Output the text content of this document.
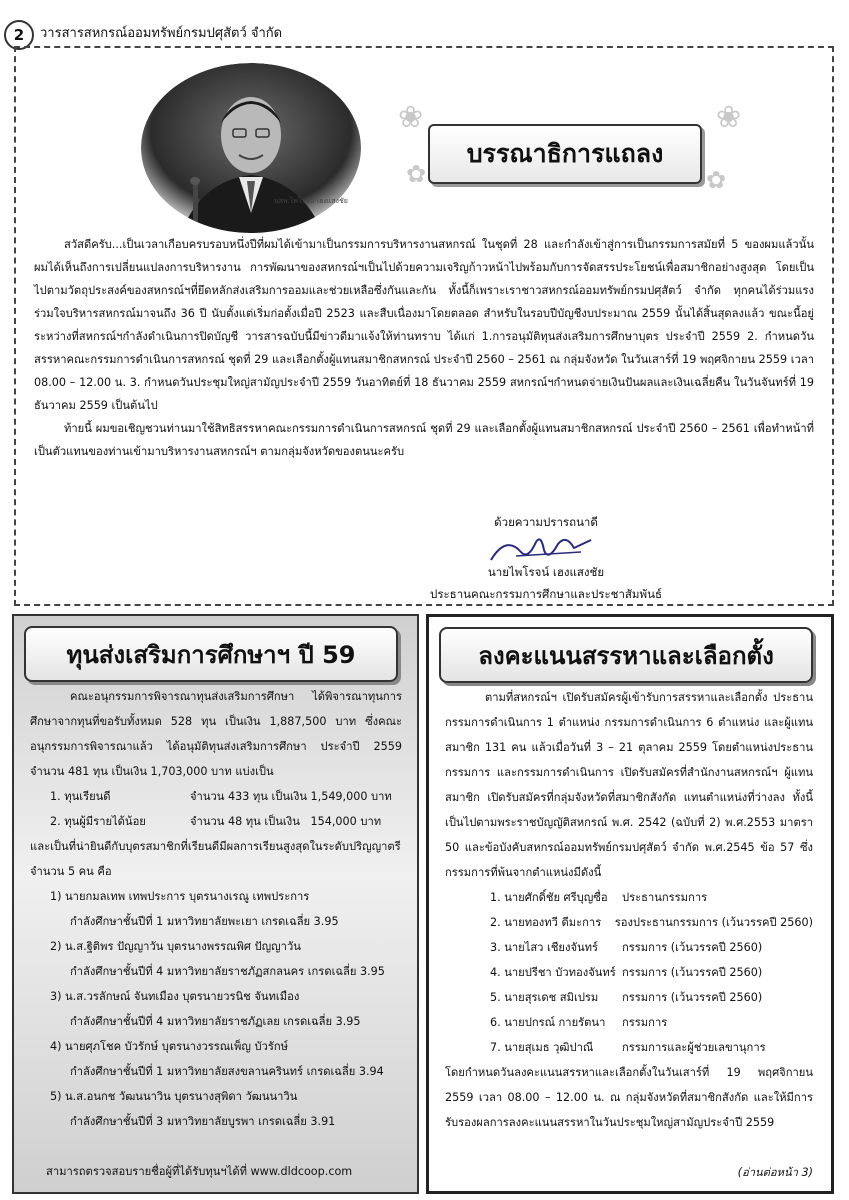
2	วารสารสหกรณ์ออมทรัพย์กรมปศุสัตว์ จำกัด
นสพ.ไพโรจน์ เฮงแสงชัย
❀	❀
✿	✿
บรรณาธิการแถลง

สวัสดีครับ...เป็นเวลาเกือบครบรอบหนึ่งปีที่ผมได้เข้ามาเป็นกรรมการบริหารงานสหกรณ์ ในชุดที่ 28 และกำลังเข้าสู่การเป็นกรรมการสมัยที่ 5 ของผมแล้วนั้น ผมได้เห็นถึงการเปลี่ยนแปลงการบริหารงาน การพัฒนาของสหกรณ์ฯเป็นไปด้วยความเจริญก้าวหน้าไปพร้อมกับการจัดสรรประโยชน์เพื่อสมาชิกอย่างสูงสุด โดยเป็นไปตามวัตถุประสงค์ของสหกรณ์ฯที่ยึดหลักส่งเสริมการออมและช่วยเหลือซึ่งกันและกัน ทั้งนี้ก็เพราะเราชาวสหกรณ์ออมทรัพย์กรมปศุสัตว์ จำกัด ทุกคนได้ร่วมแรงร่วมใจบริหารสหกรณ์มาจนถึง 36 ปี นับตั้งแต่เริ่มก่อตั้งเมื่อปี 2523 และสืบเนื่องมาโดยตลอด สำหรับในรอบปีบัญชีงบประมาณ 2559 นั้นได้สิ้นสุดลงแล้ว ขณะนี้อยู่ระหว่างที่สหกรณ์ฯกำลังดำเนินการปิดบัญชี วารสารฉบับนี้มีข่าวดีมาแจ้งให้ท่านทราบ ได้แก่ 1.การอนุมัติทุนส่งเสริมการศึกษาบุตร ประจำปี 2559 2. กำหนดวันสรรหาคณะกรรมการดำเนินการสหกรณ์ ชุดที่ 29 และเลือกตั้งผู้แทนสมาชิกสหกรณ์ ประจำปี 2560 – 2561 ณ กลุ่มจังหวัด ในวันเสาร์ที่ 19 พฤศจิกายน 2559 เวลา 08.00 – 12.00 น. 3. กำหนดวันประชุมใหญ่สามัญประจำปี 2559 วันอาทิตย์ที่ 18 ธันวาคม 2559 สหกรณ์ฯกำหนดจ่ายเงินปันผลและเงินเฉลี่ยคืน ในวันจันทร์ที่ 19 ธันวาคม 2559 เป็นต้นไป

ท้ายนี้ ผมขอเชิญชวนท่านมาใช้สิทธิสรรหาคณะกรรมการดำเนินการสหกรณ์ ชุดที่ 29 และเลือกตั้งผู้แทนสมาชิกสหกรณ์ ประจำปี 2560 – 2561 เพื่อทำหน้าที่เป็นตัวแทนของท่านเข้ามาบริหารงานสหกรณ์ฯ ตามกลุ่มจังหวัดของตนนะครับ

ด้วยความปรารถนาดี
นายไพโรจน์ เฮงแสงชัย
ประธานคณะกรรมการศึกษาและประชาสัมพันธ์
ทุนส่งเสริมการศึกษาฯ ปี 59

คณะอนุกรรมการพิจารณาทุนส่งเสริมการศึกษา ได้พิจารณาทุนการศึกษาจากทุนที่ขอรับทั้งหมด 528 ทุน เป็นเงิน 1,887,500 บาท ซึ่งคณะอนุกรรมการพิจารณาแล้ว ได้อนุมัติทุนส่งเสริมการศึกษา ประจำปี 2559 จำนวน 481 ทุน เป็นเงิน 1,703,000 บาท แบ่งเป็น

1. ทุนเรียนดี	จำนวน 433 ทุน เป็นเงิน 1,549,000 บาท
2. ทุนผู้มีรายได้น้อย	จำนวน 48 ทุน เป็นเงิน   154,000 บาท

และเป็นที่น่ายินดีกับบุตรสมาชิกที่เรียนดีมีผลการเรียนสูงสุดในระดับปริญญาตรี จำนวน 5 คน คือ

1) นายกมลเทพ เทพประการ บุตรนางเรณู เทพประการ
กำลังศึกษาชั้นปีที่ 1 มหาวิทยาลัยพะเยา เกรดเฉลี่ย 3.95
2) น.ส.ฐิติพร ปัญญาวัน บุตรนางพรรณพิศ ปัญญาวัน
กำลังศึกษาชั้นปีที่ 4 มหาวิทยาลัยราชภัฏสกลนคร เกรดเฉลี่ย 3.95
3) น.ส.วรลักษณ์ จันทเมือง บุตรนายวรนิช จันทเมือง
กำลังศึกษาชั้นปีที่ 4 มหาวิทยาลัยราชภัฏเลย เกรดเฉลี่ย 3.95
4) นายศุภโชค บัวรักษ์ บุตรนางวรรณเพ็ญ บัวรักษ์
กำลังศึกษาชั้นปีที่ 1 มหาวิทยาลัยสงขลานครินทร์ เกรดเฉลี่ย 3.94
5) น.ส.อนกช วัฒนนาวิน บุตรนางสุพิดา วัฒนนาวิน
กำลังศึกษาชั้นปีที่ 3 มหาวิทยาลัยบูรพา เกรดเฉลี่ย 3.91
สามารถตรวจสอบรายชื่อผู้ที่ได้รับทุนฯได้ที่ www.dldcoop.com
ลงคะแนนสรรหาและเลือกตั้ง

ตามที่สหกรณ์ฯ เปิดรับสมัครผู้เข้ารับการสรรหาและเลือกตั้ง ประธานกรรมการดำเนินการ 1 ตำแหน่ง กรรมการดำเนินการ 6 ตำแหน่ง และผู้แทนสมาชิก 131 คน แล้วเมื่อวันที่ 3 – 21 ตุลาคม 2559 โดยตำแหน่งประธานกรรมการ และกรรมการดำเนินการ เปิดรับสมัครที่สำนักงานสหกรณ์ฯ ผู้แทนสมาชิก เปิดรับสมัครที่กลุ่มจังหวัดที่สมาชิกสังกัด แทนตำแหน่งที่ว่างลง ทั้งนี้เป็นไปตามพระราชบัญญัติสหกรณ์ พ.ศ. 2542 (ฉบับที่ 2) พ.ศ.2553 มาตรา 50 และข้อบังคับสหกรณ์ออมทรัพย์กรมปศุสัตว์ จำกัด พ.ศ.2545 ข้อ 57 ซึ่งกรรมการที่พ้นจากตำแหน่งมีดังนี้

1. นายศักดิ์ชัย ศรีบุญซื่อ	ประธานกรรมการ
2. นายทองทวี ดีมะการ	รองประธานกรรมการ (เว้นวรรคปี 2560)
3. นายไสว เชียงจันทร์	กรรมการ (เว้นวรรคปี 2560)
4. นายปรีชา บัวทองจันทร์ กรรมการ (เว้นวรรคปี 2560)
5. นายสุรเดช สมิเปรม	กรรมการ (เว้นวรรคปี 2560)
6. นายปกรณ์ กายรัตนา	กรรมการ
7. นายสุเมธ วุฒิปาณี	กรรมการและผู้ช่วยเลขานุการ

โดยกำหนดวันลงคะแนนสรรหาและเลือกตั้งในวันเสาร์ที่ 19 พฤศจิกายน 2559 เวลา 08.00 – 12.00 น. ณ กลุ่มจังหวัดที่สมาชิกสังกัด และให้มีการรับรองผลการลงคะแนนสรรหาในวันประชุมใหญ่สามัญประจำปี 2559

(อ่านต่อหน้า 3)
